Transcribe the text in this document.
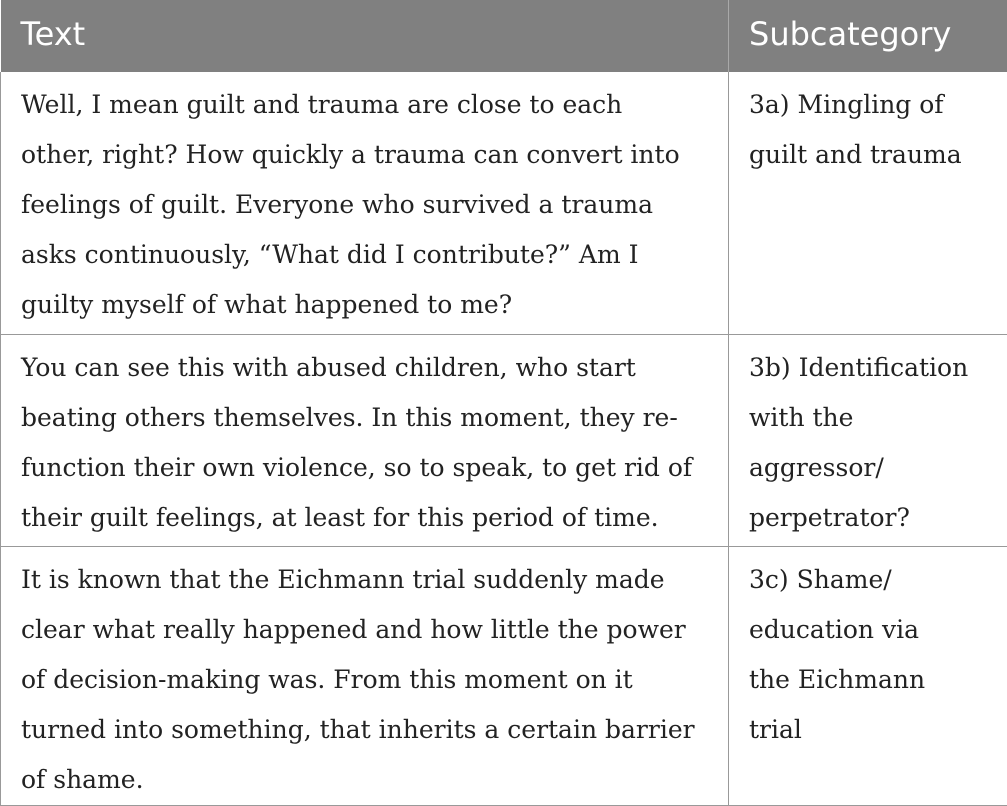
Text	Subcategory
Well, I mean guilt and trauma are close to each other, right? How quickly a trauma can convert into feelings of guilt. Everyone who survived a trauma asks continuously, “What did I contribute?” Am I guilty myself of what happened to me?	3a) Mingling of guilt and trauma
You can see this with abused children, who start beating others themselves. In this moment, they re-function their own violence, so to speak, to get rid of their guilt feelings, at least for this period of time.	3b) Identification with the aggressor/ perpetrator?
It is known that the Eichmann trial suddenly made clear what really happened and how little the power of decision-making was. From this moment on it turned into something, that inherits a certain barrier of shame.	3c) Shame/ education via the Eichmann trial
